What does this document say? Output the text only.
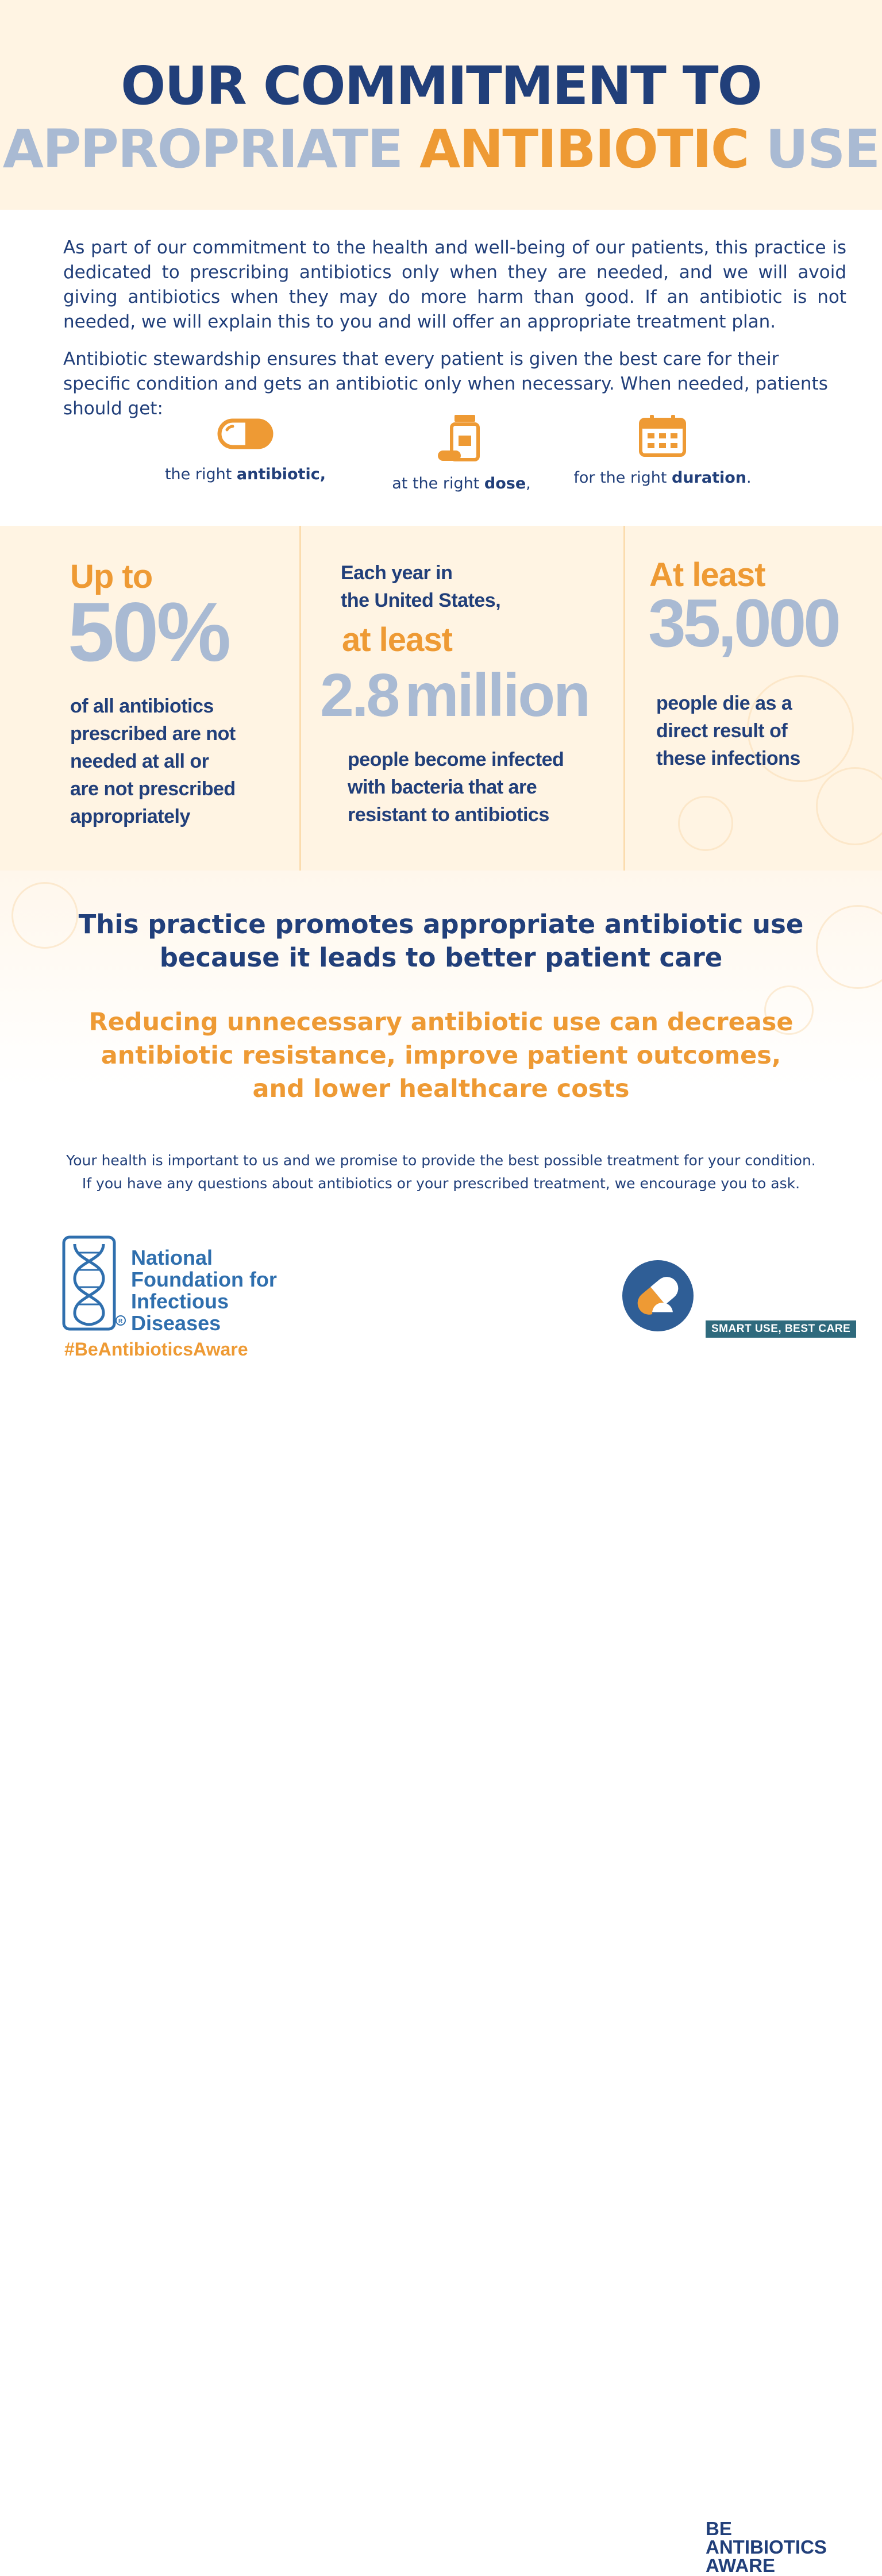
OUR COMMITMENT TO
APPROPRIATE ANTIBIOTIC USE

As part of our commitment to the health and well-being of our patients, this practice is dedicated to prescribing antibiotics only when they are needed, and we will avoid giving antibiotics when they may do more harm than good. If an antibiotic is not needed, we will explain this to you and will offer an appropriate treatment plan.

Antibiotic stewardship ensures that every patient is given the best care for their specific condition and gets an antibiotic only when necessary. When needed, patients should get:

the right antibiotic,
at the right dose,	for the right duration.
Up to
50%
of all antibiotics
prescribed are not
needed at all or
are not prescribed
appropriately
Each year in
the United States,
at least
2.8 million
people become infected
with bacteria that are
resistant to antibiotics
At least
35,000
people die as a
direct result of
these infections
This practice promotes appropriate antibiotic use
because it leads to better patient care
Reducing unnecessary antibiotic use can decrease
antibiotic resistance, improve patient outcomes,
and lower healthcare costs
Your health is important to us and we promise to provide the best possible treatment for your condition.
If you have any questions about antibiotics or your prescribed treatment, we encourage you to ask.
R
National
Foundation for
Infectious
Diseases
#BeAntibioticsAware
BE
ANTIBIOTICS
AWARE
SMART USE, BEST CARE
